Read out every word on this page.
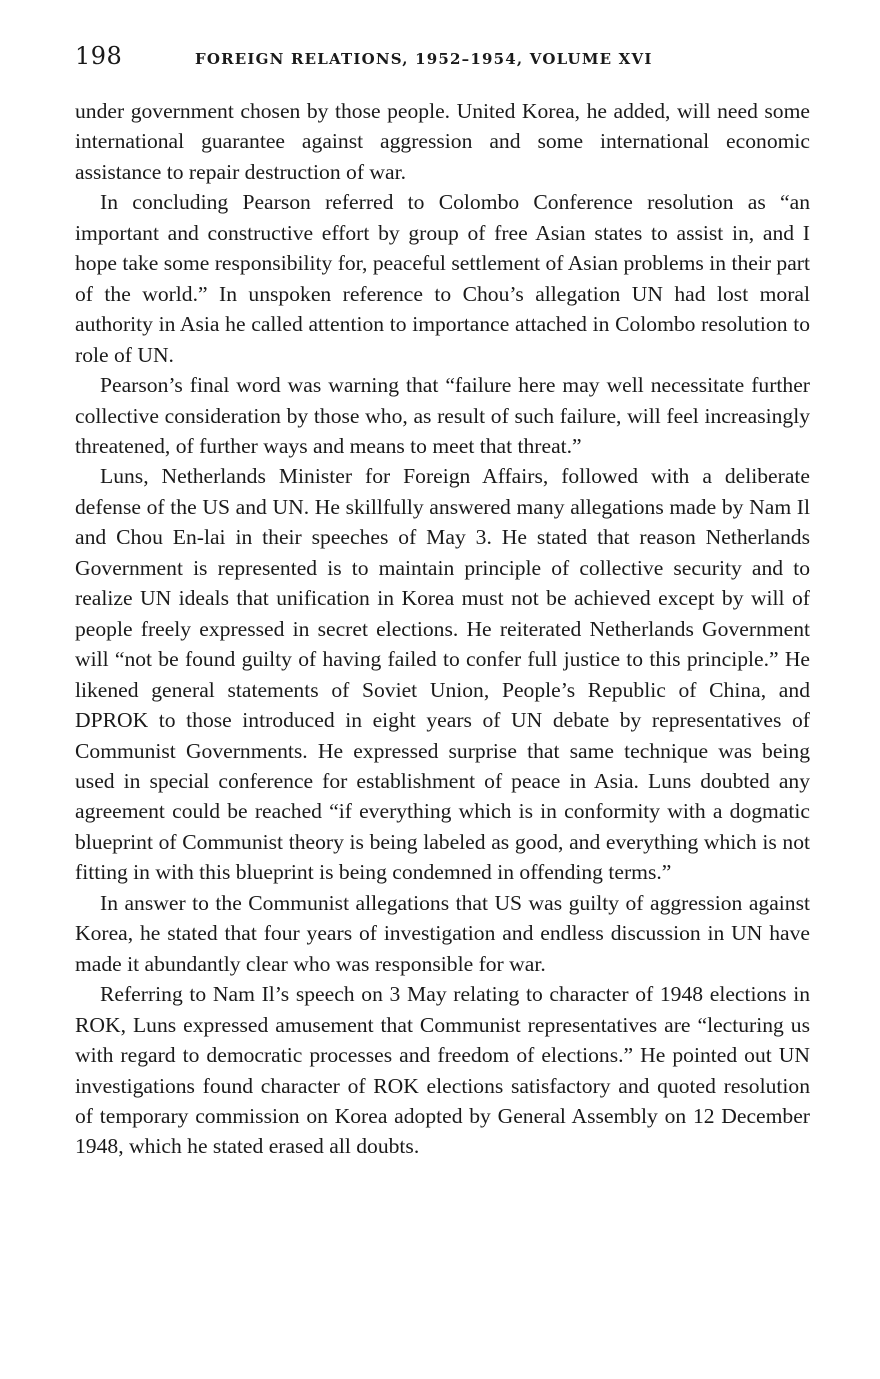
198	FOREIGN RELATIONS, 1952–1954, VOLUME XVI

under government chosen by those people. United Korea, he added, will need some international guarantee against aggression and some international economic assistance to repair destruction of war.

In concluding Pearson referred to Colombo Conference resolution as “an important and constructive effort by group of free Asian states to assist in, and I hope take some responsibility for, peaceful settlement of Asian problems in their part of the world.” In unspoken reference to Chou’s allegation UN had lost moral authority in Asia he called attention to importance attached in Colombo resolution to role of UN.

Pearson’s final word was warning that “failure here may well necessitate further collective consideration by those who, as result of such failure, will feel increasingly threatened, of further ways and means to meet that threat.”

Luns, Netherlands Minister for Foreign Affairs, followed with a deliberate defense of the US and UN. He skillfully answered many allegations made by Nam Il and Chou En-lai in their speeches of May 3. He stated that reason Netherlands Government is represented is to maintain principle of collective security and to realize UN ideals that unification in Korea must not be achieved except by will of people freely expressed in secret elections. He reiterated Netherlands Government will “not be found guilty of having failed to confer full justice to this principle.” He likened general statements of Soviet Union, People’s Republic of China, and DPROK to those introduced in eight years of UN debate by representatives of Communist Governments. He expressed surprise that same technique was being used in special conference for establishment of peace in Asia. Luns doubted any agreement could be reached “if everything which is in conformity with a dogmatic blueprint of Communist theory is being labeled as good, and everything which is not fitting in with this blueprint is being condemned in offending terms.”

In answer to the Communist allegations that US was guilty of aggression against Korea, he stated that four years of investigation and endless discussion in UN have made it abundantly clear who was responsible for war.

Referring to Nam Il’s speech on 3 May relating to character of 1948 elections in ROK, Luns expressed amusement that Communist representatives are “lecturing us with regard to democratic processes and freedom of elections.” He pointed out UN investigations found character of ROK elections satisfactory and quoted resolution of temporary commission on Korea adopted by General Assembly on 12 December 1948, which he stated erased all doubts.
